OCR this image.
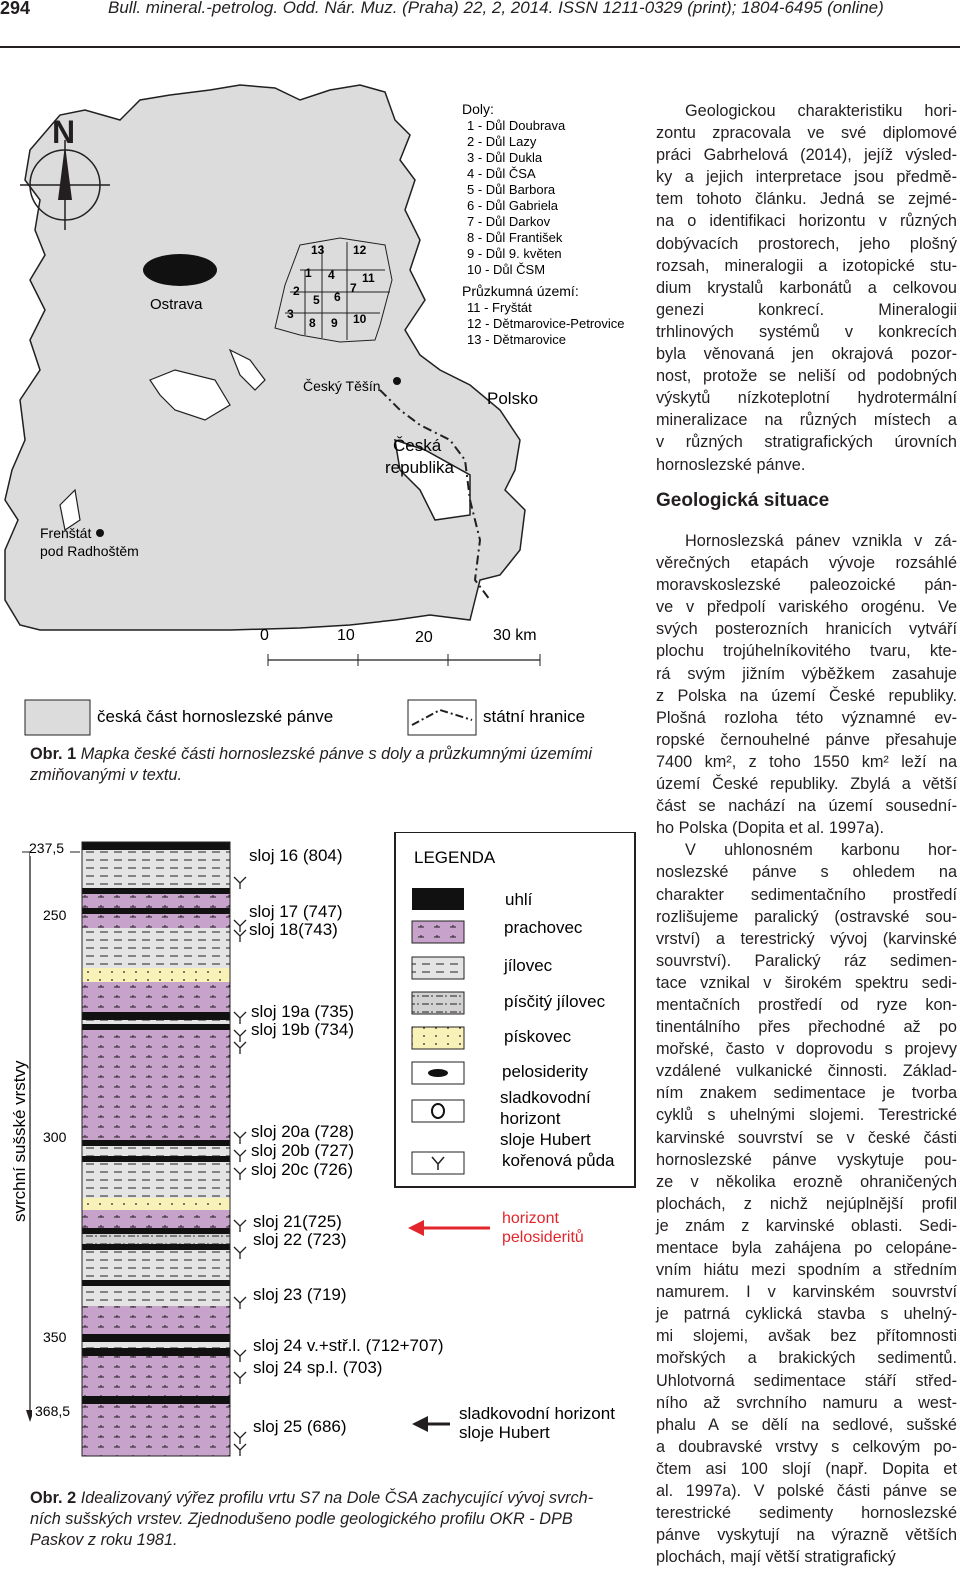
294	Bull. mineral.-petrolog. Odd. Nár. Muz. (Praha) 22, 2, 2014. ISSN 1211-0329 (print); 1804-6495 (online)
N
Ostrava
13 12
1 4 11
2	7
5 6
3
8 9 10
Český Těšín
Polsko
Česká
republika
Frenštát
pod Radhoštěm
Doly:
1 - Důl Doubrava
2 - Důl Lazy
3 - Důl Dukla
4 - Důl ČSA
5 - Důl Barbora
6 - Důl Gabriela
7 - Důl Darkov
8 - Důl František
9 - Důl 9. květen
10 - Důl ČSM
Průzkumná území:
11 - Fryštát
12 - Dětmarovice-Petrovice
13 - Dětmarovice
0	10	20	30 km
česká část hornoslezské pánve	státní hranice
Obr. 1 Mapka české části hornoslezské pánve s doly a průzkumnými územími zmiňovanými v textu.
svrchní sušské vrstvy
237,5
250
300
350
368,5
sloj 16 (804)
sloj 17 (747)
sloj 18(743)
sloj 19a (735)
sloj 19b (734)
sloj 20a (728)
sloj 20b (727)
sloj 20c (726)
sloj 21(725)
sloj 22 (723)
sloj 23 (719)
sloj 24 v.+stř.l. (712+707)
sloj 24 sp.l. (703)
sloj 25 (686)
LEGENDA
uhlí
prachovec
jílovec
písčitý jílovec
pískovec
pelosiderity
sladkovodní
horizont
sloje Hubert
kořenová půda
horizont
pelosideritů
sladkovodní horizont
sloje Hubert
Obr. 2 Idealizovaný výřez profilu vrtu S7 na Dole ČSA zachycující vývoj svrch-
ních sušských vrstev. Zjednodušeno podle geologického profilu OKR - DPB
Paskov z roku 1981.
Geologickou charakteristiku hori-
zontu zpracovala ve své diplomové
práci Gabrhelová (2014), jejíž výsled-
ky a jejich interpretace jsou předmě-
tem tohoto článku. Jedná se zejmé-
na o identifikaci horizontu v různých
dobývacích prostorech, jeho plošný
rozsah, mineralogii a izotopické stu-
dium krystalů karbonátů a celkovou
genezi konkrecí. Mineralogii
trhlinových systémů v konkrecích
byla věnovaná jen okrajová pozor-
nost, protože se neliší od podobných
výskytů nízkoteplotní hydrotermální
mineralizace na různých místech a
v různých stratigrafických úrovních
hornoslezské pánve.
Geologická situace
Hornoslezská pánev vznikla v zá-
věrečných etapách vývoje rozsáhlé
moravskoslezské paleozoické pán-
ve v předpolí variského orogénu. Ve
svých posterozních hranicích vytváří
plochu trojúhelníkovitého tvaru, kte-
rá svým jižním výběžkem zasahuje
z Polska na území České republiky.
Plošná rozloha této významné ev-
ropské černouhelné pánve přesahuje
7400 km², z toho 1550 km² leží na
území České republiky. Zbylá a větší
část se nachází na území sousední-
ho Polska (Dopita et al. 1997a).
V uhlonosném karbonu hor-
noslezské pánve s ohledem na
charakter sedimentačního prostředí
rozlišujeme paralický (ostravské sou-
vrství) a terestrický vývoj (karvinské
souvrství). Paralický ráz sedimen-
tace vznikal v širokém spektru sedi-
mentačních prostředí od ryze kon-
tinentálního přes přechodné až po
mořské, často v doprovodu s projevy
vzdálené vulkanické činnosti. Základ-
ním znakem sedimentace je tvorba
cyklů s uhelnými slojemi. Terestrické
karvinské souvrství se v české části
hornoslezské pánve vyskytuje pou-
ze v několika erozně ohraničených
plochách, z nichž nejúplnější profil
je znám z karvinské oblasti. Sedi-
mentace byla zahájena po celopáne-
vním hiátu mezi spodním a středním
namurem. I v karvinském souvrství
je patrná cyklická stavba s uhelný-
mi slojemi, avšak bez přítomnosti
mořských a brakických sedimentů.
Uhlotvorná sedimentace stáří střed-
ního až svrchního namuru a west-
phalu A se dělí na sedlové, sušské
a doubravské vrstvy s celkovým po-
čtem asi 100 slojí (např. Dopita et
al. 1997a). V polské části pánve se
terestrické sedimenty hornoslezské
pánve vyskytují na výrazně větších
plochách, mají větší stratigrafický
